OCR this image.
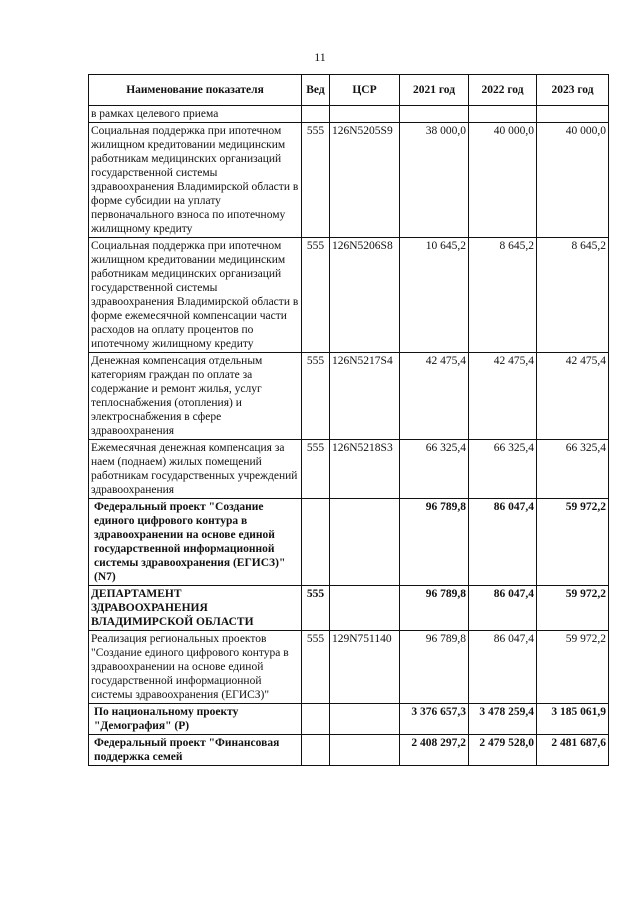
11
Наименование показателя	Вед	ЦСР	2021 год	2022 год	2023 год

в рамках целевого приема					

Социальная поддержка при ипотечном жилищном кредитовании медицинским работникам медицинских организаций государственной системы здравоохранения Владимирской области в форме субсидии на уплату первоначального взноса по ипотечному жилищному кредиту	555	126N5205S9	38 000,0	40 000,0	40 000,0

Социальная поддержка при ипотечном жилищном кредитовании медицинским работникам медицинских организаций государственной системы здравоохранения Владимирской области в форме ежемесячной компенсации части расходов на оплату процентов по ипотечному жилищному кредиту	555	126N5206S8	10 645,2	8 645,2	8 645,2

Денежная компенсация отдельным категориям граждан по оплате за содержание и ремонт жилья, услуг теплоснабжения (отопления) и электроснабжения в сфере здравоохранения	555	126N5217S4	42 475,4	42 475,4	42 475,4

Ежемесячная денежная компенсация за наем (поднаем) жилых помещений работникам государственных учреждений здравоохранения	555	126N5218S3	66 325,4	66 325,4	66 325,4

Федеральный проект "Создание единого цифрового контура в здравоохранении на основе единой государственной информационной системы здравоохранения (ЕГИСЗ)" (N7)			96 789,8	86 047,4	59 972,2

ДЕПАРТАМЕНТ ЗДРАВООХРАНЕНИЯ ВЛАДИМИРСКОЙ ОБЛАСТИ	555		96 789,8	86 047,4	59 972,2

Реализация региональных проектов "Создание единого цифрового контура в здравоохранении на основе единой государственной информационной системы здравоохранения (ЕГИСЗ)"	555	129N751140	96 789,8	86 047,4	59 972,2

По национальному проекту "Демография" (P)			3 376 657,3	3 478 259,4	3 185 061,9

Федеральный проект "Финансовая поддержка семей			2 408 297,2	2 479 528,0	2 481 687,6
